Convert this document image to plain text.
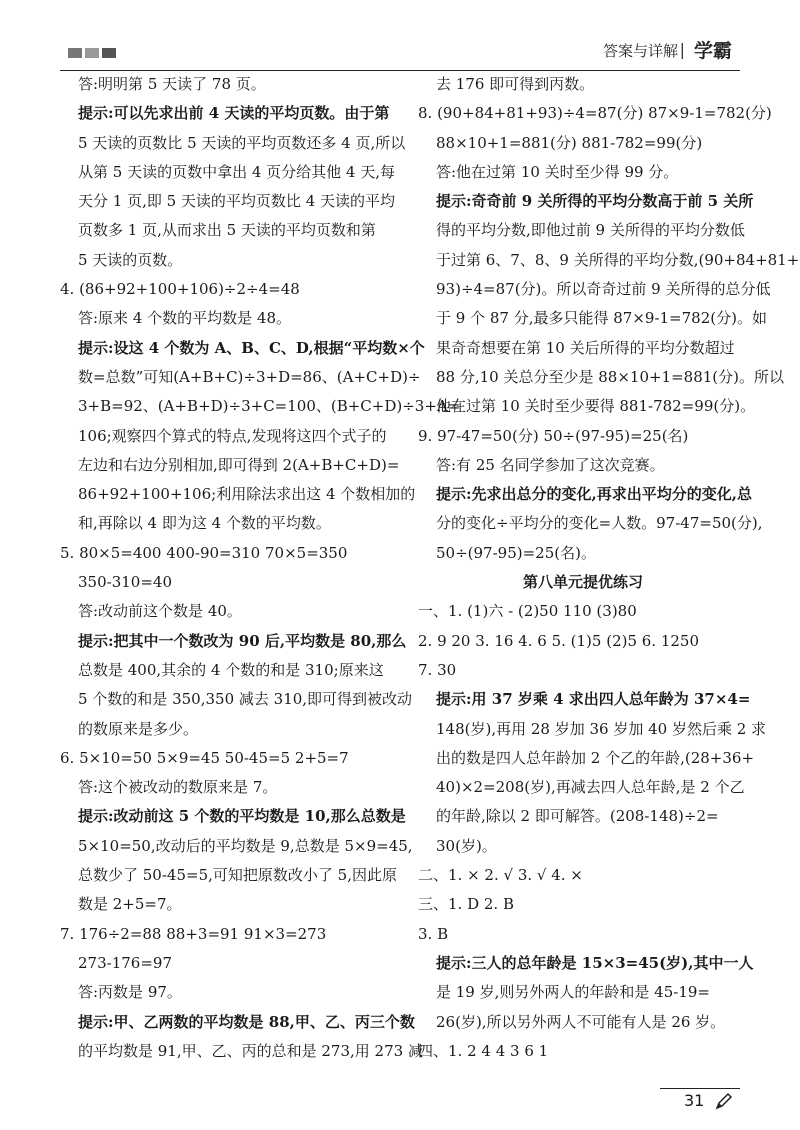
答案与详解 | 学霸
答:明明第 5 天读了 78 页。
提示:可以先求出前 4 天读的平均页数。由于第
5 天读的页数比 5 天读的平均页数还多 4 页,所以
从第 5 天读的页数中拿出 4 页分给其他 4 天,每
天分 1 页,即 5 天读的平均页数比 4 天读的平均
页数多 1 页,从而求出 5 天读的平均页数和第
5 天读的页数。
4. (86+92+100+106)÷2÷4=48
答:原来 4 个数的平均数是 48。
提示:设这 4 个数为 A、B、C、D,根据“平均数×个
数=总数”可知(A+B+C)÷3+D=86、(A+C+D)÷
3+B=92、(A+B+D)÷3+C=100、(B+C+D)÷3+A=
106;观察四个算式的特点,发现将这四个式子的
左边和右边分别相加,即可得到 2(A+B+C+D)=
86+92+100+106;利用除法求出这 4 个数相加的
和,再除以 4 即为这 4 个数的平均数。
5. 80×5=400 400-90=310 70×5=350
350-310=40
答:改动前这个数是 40。
提示:把其中一个数改为 90 后,平均数是 80,那么
总数是 400,其余的 4 个数的和是 310;原来这
5 个数的和是 350,350 减去 310,即可得到被改动
的数原来是多少。
6. 5×10=50 5×9=45 50-45=5 2+5=7
答:这个被改动的数原来是 7。
提示:改动前这 5 个数的平均数是 10,那么总数是
5×10=50,改动后的平均数是 9,总数是 5×9=45,
总数少了 50-45=5,可知把原数改小了 5,因此原
数是 2+5=7。
7. 176÷2=88 88+3=91 91×3=273
273-176=97
答:丙数是 97。
提示:甲、乙两数的平均数是 88,甲、乙、丙三个数
的平均数是 91,甲、乙、丙的总和是 273,用 273 减
去 176 即可得到丙数。
8. (90+84+81+93)÷4=87(分) 87×9-1=782(分)
88×10+1=881(分) 881-782=99(分)
答:他在过第 10 关时至少得 99 分。
提示:奇奇前 9 关所得的平均分数高于前 5 关所
得的平均分数,即他过前 9 关所得的平均分数低
于过第 6、7、8、9 关所得的平均分数,(90+84+81+
93)÷4=87(分)。所以奇奇过前 9 关所得的总分低
于 9 个 87 分,最多只能得 87×9-1=782(分)。如
果奇奇想要在第 10 关后所得的平均分数超过
88 分,10 关总分至少是 88×10+1=881(分)。所以
他在过第 10 关时至少要得 881-782=99(分)。
9. 97-47=50(分) 50÷(97-95)=25(名)
答:有 25 名同学参加了这次竞赛。
提示:先求出总分的变化,再求出平均分的变化,总
分的变化÷平均分的变化=人数。97-47=50(分),
50÷(97-95)=25(名)。
第八单元提优练习
一、1. (1)六 - (2)50 110 (3)80
2. 9 20 3. 16 4. 6 5. (1)5 (2)5 6. 1250
7. 30
提示:用 37 岁乘 4 求出四人总年龄为 37×4=
148(岁),再用 28 岁加 36 岁加 40 岁然后乘 2 求
出的数是四人总年龄加 2 个乙的年龄,(28+36+
40)×2=208(岁),再减去四人总年龄,是 2 个乙
的年龄,除以 2 即可解答。(208-148)÷2=
30(岁)。
二、1. × 2. √ 3. √ 4. ×
三、1. D 2. B
3. B
提示:三人的总年龄是 15×3=45(岁),其中一人
是 19 岁,则另外两人的年龄和是 45-19=
26(岁),所以另外两人不可能有人是 26 岁。
四、1. 2 4 4 3 6 1
31
